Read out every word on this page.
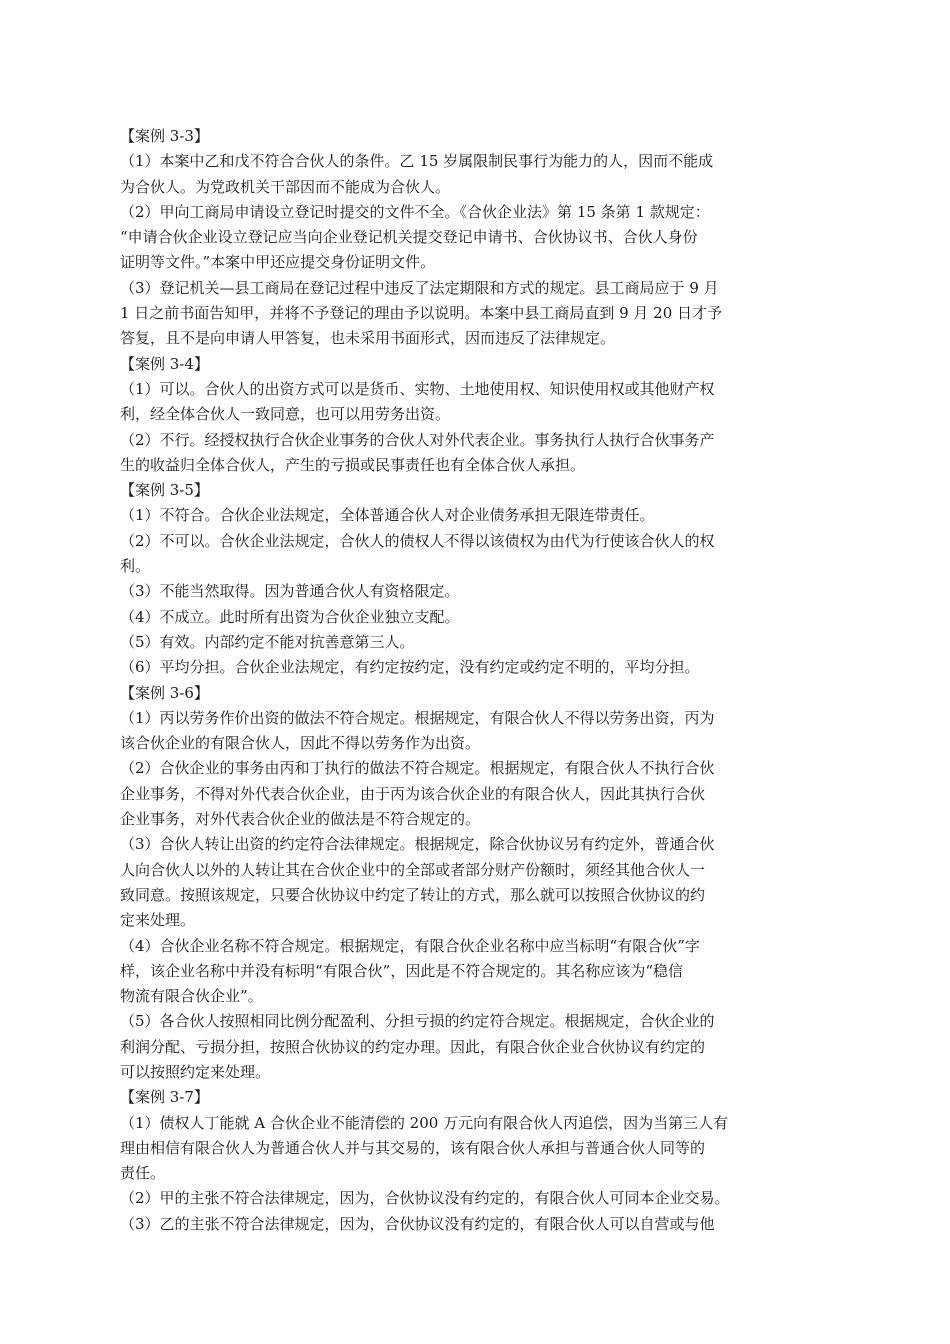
【案例 3-3】
（1）本案中乙和戊不符合合伙人的条件。乙 15 岁属限制民事行为能力的人，因而不能成
为合伙人。为党政机关干部因而不能成为合伙人。
（2）甲向工商局申请设立登记时提交的文件不全。《合伙企业法》第 15 条第 1 款规定：
“申请合伙企业设立登记应当向企业登记机关提交登记申请书、合伙协议书、合伙人身份
证明等文件。”本案中甲还应提交身份证明文件。
（3）登记机关—县工商局在登记过程中违反了法定期限和方式的规定。县工商局应于 9 月
1 日之前书面告知甲，并将不予登记的理由予以说明。本案中县工商局直到 9 月 20 日才予
答复，且不是向申请人甲答复，也未采用书面形式，因而违反了法律规定。
【案例 3-4】
（1）可以。合伙人的出资方式可以是货币、实物、土地使用权、知识使用权或其他财产权
利，经全体合伙人一致同意，也可以用劳务出资。
（2）不行。经授权执行合伙企业事务的合伙人对外代表企业。事务执行人执行合伙事务产
生的收益归全体合伙人，产生的亏损或民事责任也有全体合伙人承担。
【案例 3-5】
（1）不符合。合伙企业法规定，全体普通合伙人对企业债务承担无限连带责任。
（2）不可以。合伙企业法规定，合伙人的债权人不得以该债权为由代为行使该合伙人的权
利。
（3）不能当然取得。因为普通合伙人有资格限定。
（4）不成立。此时所有出资为合伙企业独立支配。
（5）有效。内部约定不能对抗善意第三人。
（6）平均分担。合伙企业法规定，有约定按约定，没有约定或约定不明的，平均分担。
【案例 3-6】
（1）丙以劳务作价出资的做法不符合规定。根据规定，有限合伙人不得以劳务出资，丙为
该合伙企业的有限合伙人，因此不得以劳务作为出资。
（2）合伙企业的事务由丙和丁执行的做法不符合规定。根据规定，有限合伙人不执行合伙
企业事务，不得对外代表合伙企业，由于丙为该合伙企业的有限合伙人，因此其执行合伙
企业事务，对外代表合伙企业的做法是不符合规定的。
（3）合伙人转让出资的约定符合法律规定。根据规定，除合伙协议另有约定外，普通合伙
人向合伙人以外的人转让其在合伙企业中的全部或者部分财产份额时，须经其他合伙人一
致同意。按照该规定，只要合伙协议中约定了转让的方式，那么就可以按照合伙协议的约
定来处理。
（4）合伙企业名称不符合规定。根据规定，有限合伙企业名称中应当标明“有限合伙”字
样，该企业名称中并没有标明“有限合伙”，因此是不符合规定的。其名称应该为“稳信
物流有限合伙企业”。
（5）各合伙人按照相同比例分配盈利、分担亏损的约定符合规定。根据规定，合伙企业的
利润分配、亏损分担，按照合伙协议的约定办理。因此，有限合伙企业合伙协议有约定的
可以按照约定来处理。
【案例 3-7】
（1）债权人丁能就 A 合伙企业不能清偿的 200 万元向有限合伙人丙追偿，因为当第三人有
理由相信有限合伙人为普通合伙人并与其交易的，该有限合伙人承担与普通合伙人同等的
责任。
（2）甲的主张不符合法律规定，因为，合伙协议没有约定的，有限合伙人可同本企业交易。
（3）乙的主张不符合法律规定，因为，合伙协议没有约定的，有限合伙人可以自营或与他
